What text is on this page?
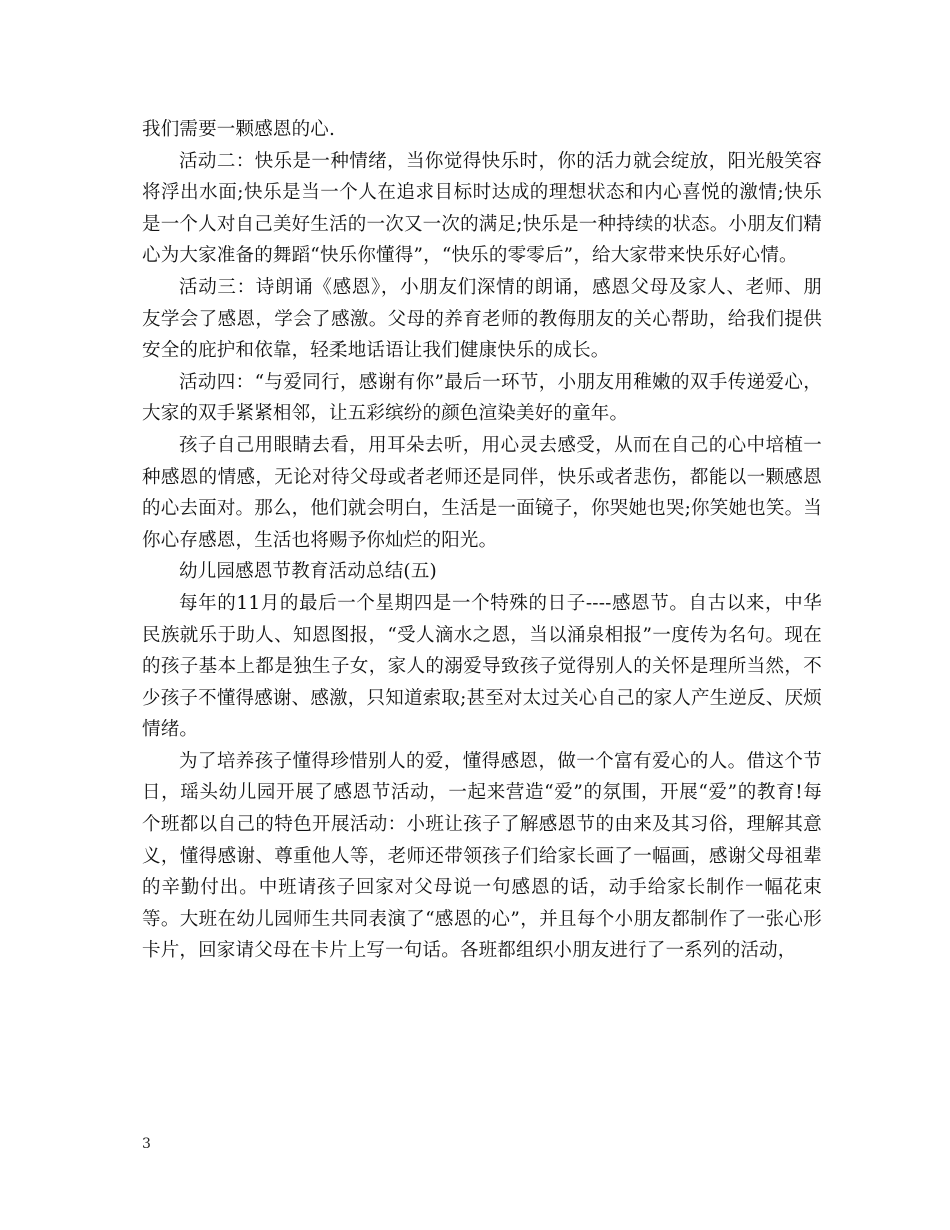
我们需要一颗感恩的心.

活动二：快乐是一种情绪，当你觉得快乐时，你的活力就会绽放，阳光般笑容将浮出水面;快乐是当一个人在追求目标时达成的理想状态和内心喜悦的激情;快乐是一个人对自己美好生活的一次又一次的满足;快乐是一种持续的状态。小朋友们精心为大家准备的舞蹈“快乐你懂得”，“快乐的零零后”，给大家带来快乐好心情。

活动三：诗朗诵《感恩》，小朋友们深情的朗诵，感恩父母及家人、老师、朋友学会了感恩，学会了感激。父母的养育老师的教侮朋友的关心帮助，给我们提供安全的庇护和依靠，轻柔地话语让我们健康快乐的成长。

活动四：“与爱同行，感谢有你”最后一环节，小朋友用稚嫩的双手传递爱心，大家的双手紧紧相邻，让五彩缤纷的颜色渲染美好的童年。

孩子自己用眼睛去看，用耳朵去听，用心灵去感受，从而在自己的心中培植一种感恩的情感，无论对待父母或者老师还是同伴，快乐或者悲伤，都能以一颗感恩的心去面对。那么，他们就会明白，生活是一面镜子，你哭她也哭;你笑她也笑。当你心存感恩，生活也将赐予你灿烂的阳光。

幼儿园感恩节教育活动总结(五)

每年的11月的最后一个星期四是一个特殊的日子----感恩节。自古以来，中华民族就乐于助人、知恩图报，“受人滴水之恩，当以涌泉相报”一度传为名句。现在的孩子基本上都是独生子女，家人的溺爱导致孩子觉得别人的关怀是理所当然，不少孩子不懂得感谢、感激，只知道索取;甚至对太过关心自己的家人产生逆反、厌烦情绪。

为了培养孩子懂得珍惜别人的爱，懂得感恩，做一个富有爱心的人。借这个节日，瑶头幼儿园开展了感恩节活动，一起来营造“爱”的氛围，开展“爱”的教育!每个班都以自己的特色开展活动：小班让孩子了解感恩节的由来及其习俗，理解其意义，懂得感谢、尊重他人等，老师还带领孩子们给家长画了一幅画，感谢父母祖辈的辛勤付出。中班请孩子回家对父母说一句感恩的话，动手给家长制作一幅花束等。大班在幼儿园师生共同表演了“感恩的心”，并且每个小朋友都制作了一张心形卡片，回家请父母在卡片上写一句话。各班都组织小朋友进行了一系列的活动，

3
